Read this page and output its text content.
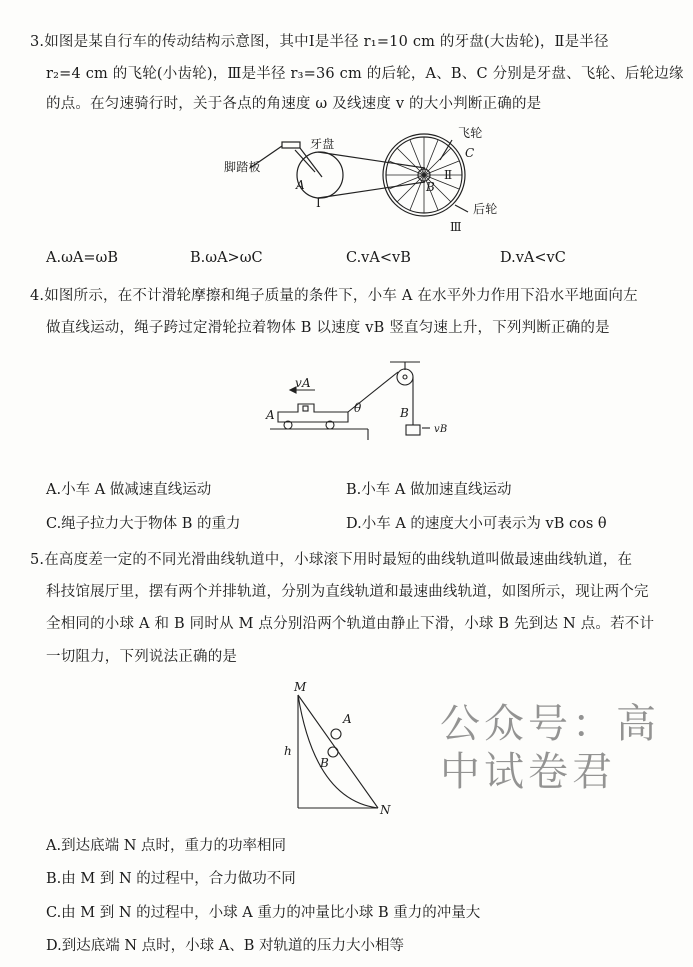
3.如图是某自行车的传动结构示意图，其中Ⅰ是半径 r₁=10 cm 的牙盘(大齿轮)，Ⅱ是半径
r₂=4 cm 的飞轮(小齿轮)，Ⅲ是半径 r₃=36 cm 的后轮，A、B、C 分别是牙盘、飞轮、后轮边缘
的点。在匀速骑行时，关于各点的角速度 ω 及线速度 v 的大小判断正确的是
脚踏板
牙盘
飞轮
C
A	B
Ⅰ
Ⅱ
后轮
Ⅲ
A.ωA=ωB	B.ωA>ωC	C.vA<vB	D.vA<vC
4.如图所示，在不计滑轮摩擦和绳子质量的条件下，小车 A 在水平外力作用下沿水平地面向左
做直线运动，绳子跨过定滑轮拉着物体 B 以速度 vB 竖直匀速上升，下列判断正确的是
vA
A	B
vB
θ
A.小车 A 做减速直线运动	B.小车 A 做加速直线运动
C.绳子拉力大于物体 B 的重力	D.小车 A 的速度大小可表示为 vB cos θ
5.在高度差一定的不同光滑曲线轨道中，小球滚下用时最短的曲线轨道叫做最速曲线轨道，在
科技馆展厅里，摆有两个并排轨道，分别为直线轨道和最速曲线轨道，如图所示，现让两个完
全相同的小球 A 和 B 同时从 M 点分别沿两个轨道由静止下滑，小球 B 先到达 N 点。若不计
一切阻力，下列说法正确的是
M
N
h
A
B
公众号：高中试卷君
A.到达底端 N 点时，重力的功率相同
B.由 M 到 N 的过程中，合力做功不同
C.由 M 到 N 的过程中，小球 A 重力的冲量比小球 B 重力的冲量大
D.到达底端 N 点时，小球 A、B 对轨道的压力大小相等
